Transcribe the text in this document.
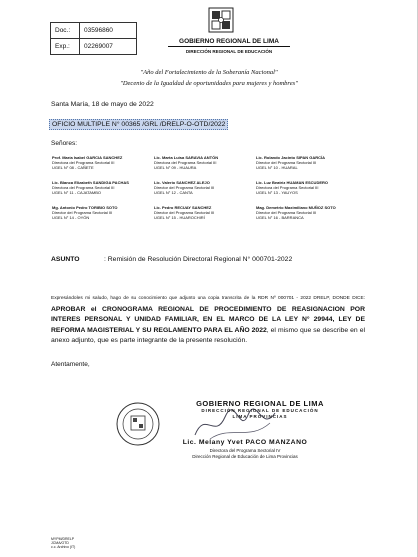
Doc.:	03596860
Exp.:	02269007
GOBIERNO REGIONAL DE LIMA
DIRECCIÓN REGIONAL DE EDUCACIÓN
"Año del Fortalecimiento de la Soberanía Nacional"
"Decenio de la Igualdad de oportunidades para mujeres y hombres"
Santa María, 18 de mayo de 2022
OFICIO MULTIPLE N° 00365 /GRL /DRELP-O-OTD/2022
Señores:
Prof. María Isabel GARCIA SANCHEZ
Directora del Programa Sectorial III
UGEL N° 08 - CAÑETE
Lic. Marta Luisa SARAVIA ANTÓN
Directora del Programa Sectorial III
UGEL N° 09 - HUAURA
Lic. Rolando Jacinto SIPAN GARCÍA
Director del Programa Sectorial III
UGEL N° 10 - HUARAL
Lic. Blanca Elizabeth SANDIGA PACHAS
Directora del Programa Sectorial III
UGEL N° 11 - CAJATAMBO
Lic. Valerio SANCHEZ ALEJO
Director del Programa Sectorial III
UGEL N° 12 - CANTA
Lic. Luz Beatriz HUAMAN ESCUDERO
Directora del Programa Sectorial III
UGEL N° 13 - YAUYOS
Mg. Antonio Pedro TORIBIO SOTO
Director del Programa Sectorial III
UGEL N° 14 - OYÓN
Lic. Pedro RECUAY SANCHEZ
Director del Programa Sectorial III
UGEL N° 15 - HUAROCHIRÍ
Mag. Demetrio Maximiliano MUÑOZ SOTO
Director del Programa Sectorial III
UGEL N° 16 - BARRANCA
ASUNTO	: Remisión de Resolución Directoral Regional N° 000701-2022
Expresándoles mi saludo, hago de su conocimiento que adjunto una copia transcrita de la RDR Nº 000701 - 2022 DRELP, DONDE DICE: APROBAR el CRONOGRAMA REGIONAL DE PROCEDIMIENTO DE REASIGNACION POR INTERES PERSONAL Y UNIDAD FAMILIAR, EN EL MARCO DE LA LEY N° 29944, LEY DE REFORMA MAGISTERIAL Y SU REGLAMENTO PARA EL AÑO 2022, el mismo que se describe en el anexo adjunto, que es parte integrante de la presente resolución.
Atentamente,
GOBIERNO REGIONAL DE LIMA
DIRECCIÓN REGIONAL DE EDUCACIÓN
LIMA PROVINCIAS
Lic. Melany Yvet PACO MANZANO
Directora del Programa Sectorial IV
Dirección Regional de Educación de Lima Provincias
MYPM/DRELP
JCMA/OTD
c.c. Archivo (IT)
